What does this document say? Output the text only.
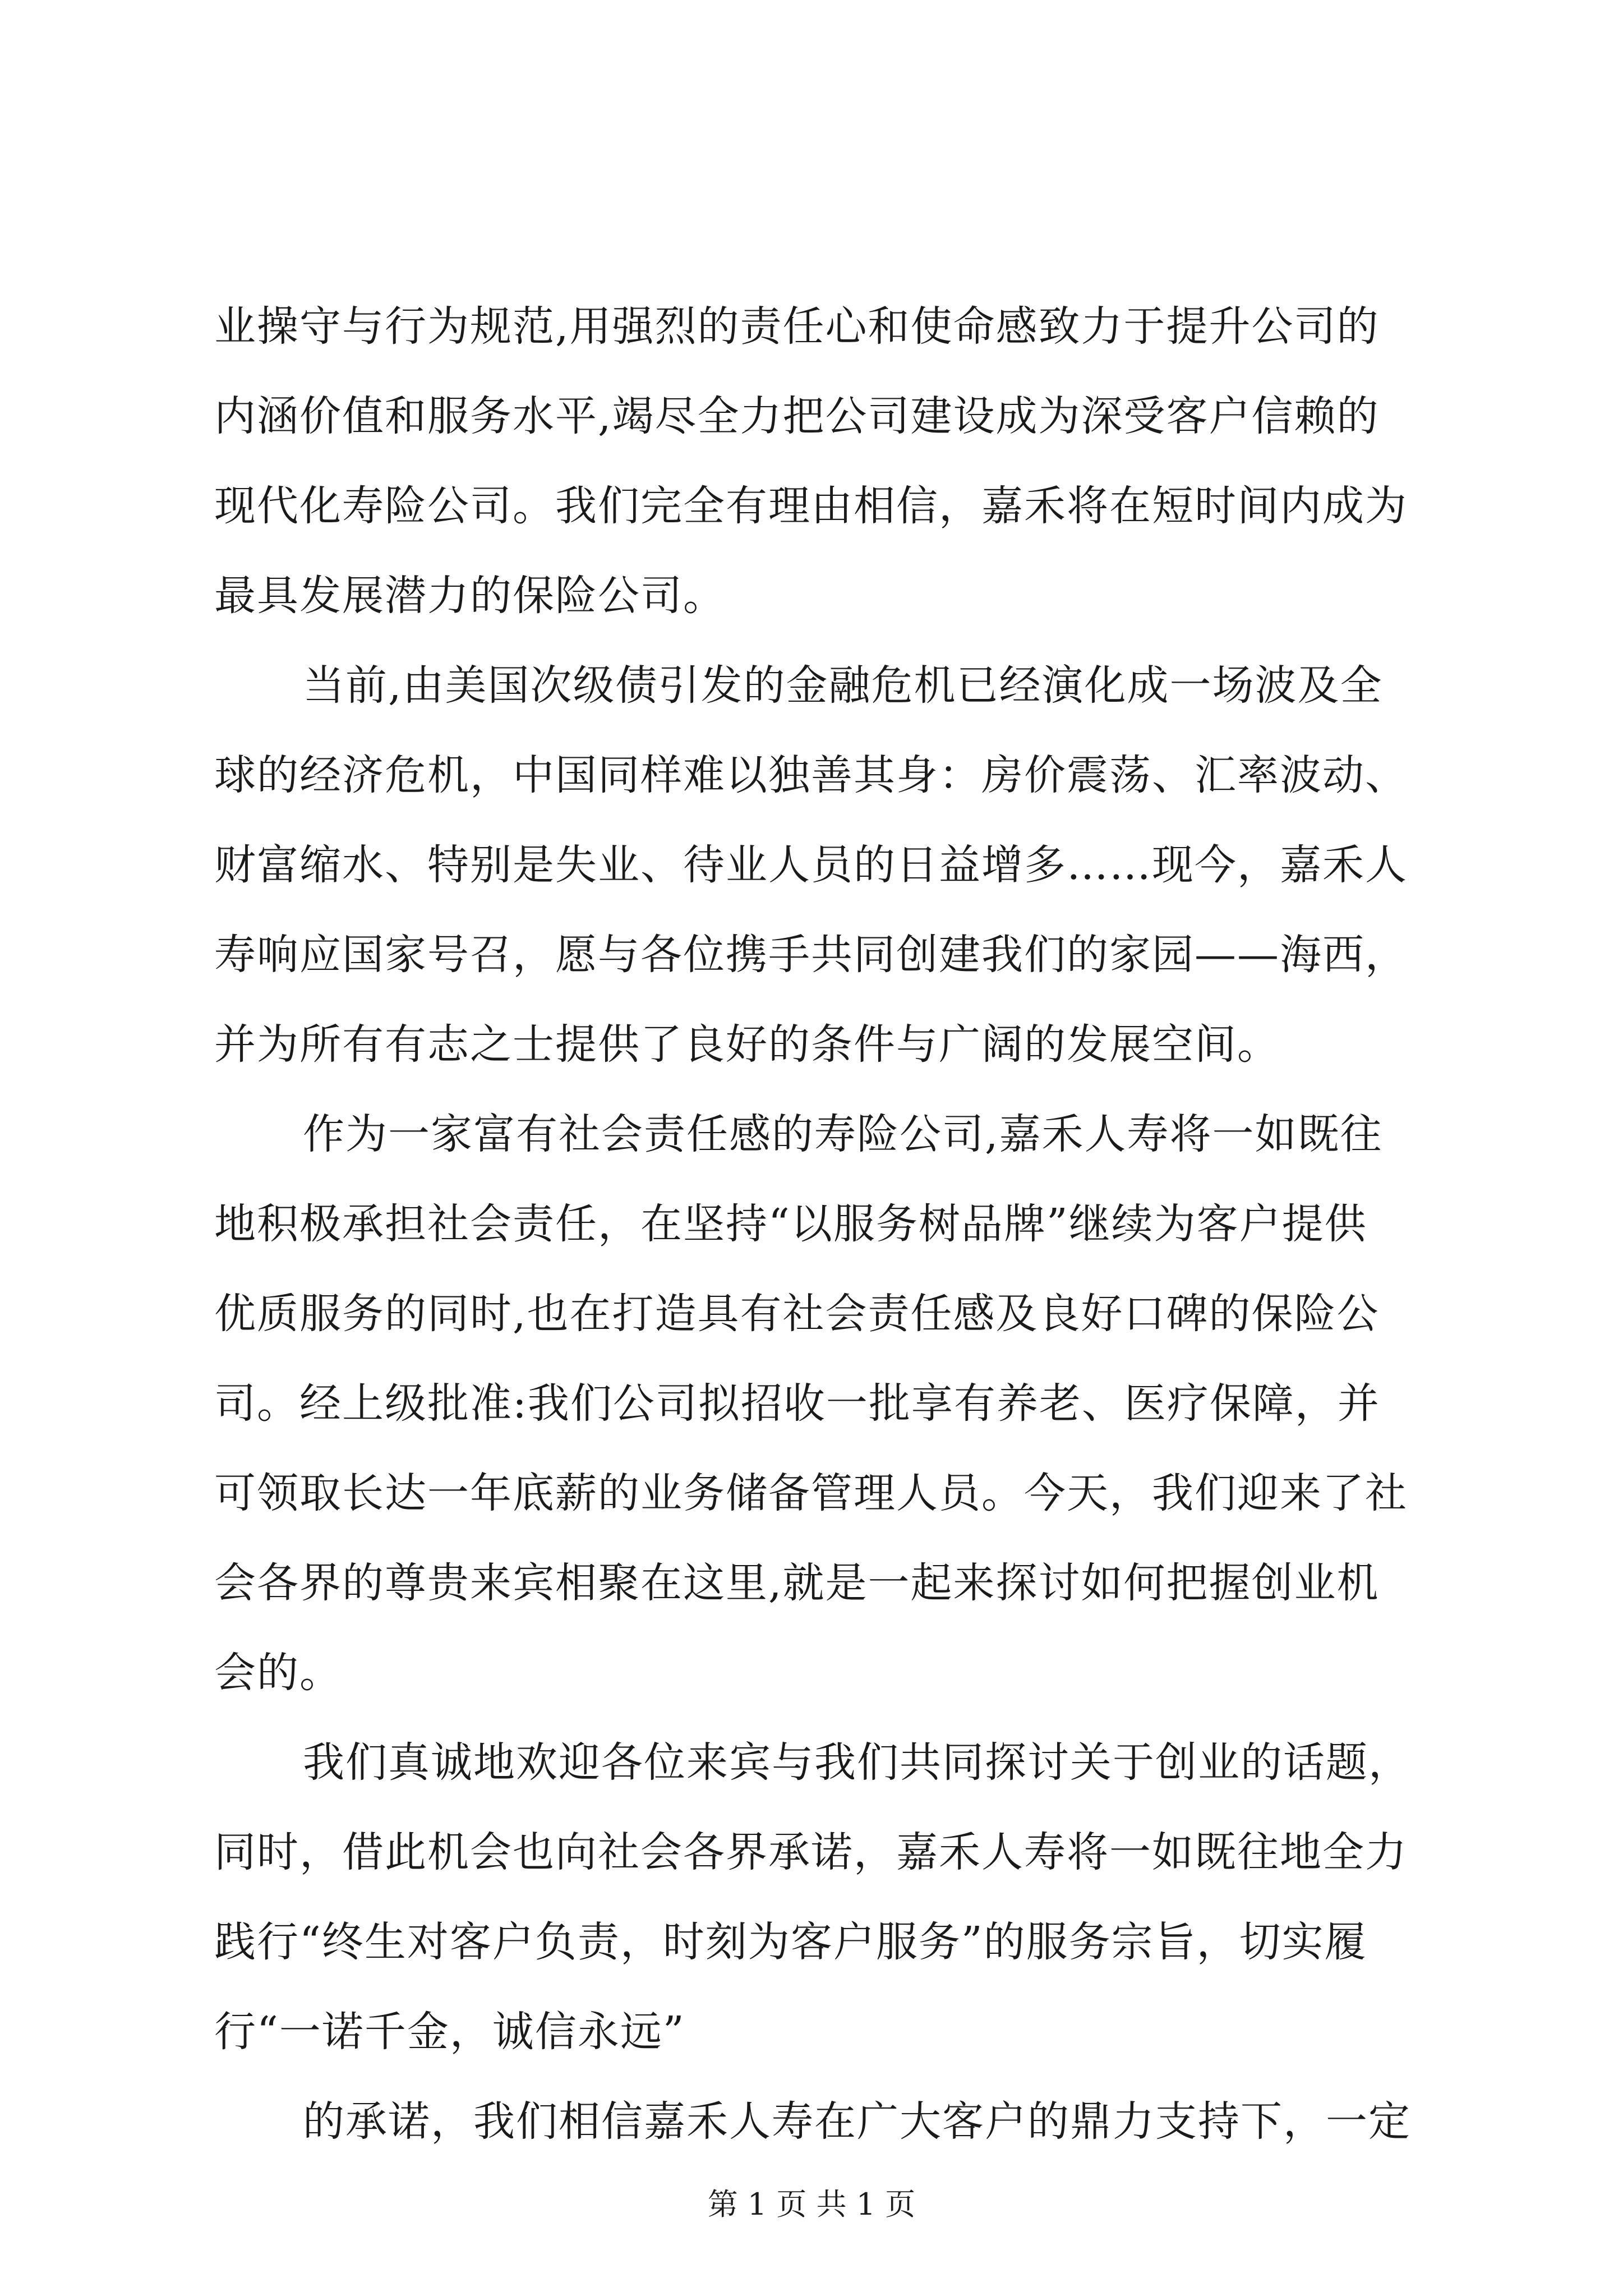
业操守与行为规范,用强烈的责任心和使命感致力于提升公司的
内涵价值和服务水平,竭尽全力把公司建设成为深受客户信赖的
现代化寿险公司。我们完全有理由相信，嘉禾将在短时间内成为
最具发展潜力的保险公司。
当前,由美国次级债引发的金融危机已经演化成一场波及全
球的经济危机，中国同样难以独善其身：房价震荡、汇率波动、
财富缩水、特别是失业、待业人员的日益增多……现今，嘉禾人
寿响应国家号召，愿与各位携手共同创建我们的家园——海西，
并为所有有志之士提供了良好的条件与广阔的发展空间。
作为一家富有社会责任感的寿险公司,嘉禾人寿将一如既往
地积极承担社会责任，在坚持“以服务树品牌”继续为客户提供
优质服务的同时,也在打造具有社会责任感及良好口碑的保险公
司。经上级批准:我们公司拟招收一批享有养老、医疗保障，并
可领取长达一年底薪的业务储备管理人员。今天，我们迎来了社
会各界的尊贵来宾相聚在这里,就是一起来探讨如何把握创业机
会的。
我们真诚地欢迎各位来宾与我们共同探讨关于创业的话题，
同时，借此机会也向社会各界承诺，嘉禾人寿将一如既往地全力
践行“终生对客户负责，时刻为客户服务”的服务宗旨，切实履
行“一诺千金，诚信永远”
的承诺，我们相信嘉禾人寿在广大客户的鼎力支持下，一定
第 1 页 共 1 页
